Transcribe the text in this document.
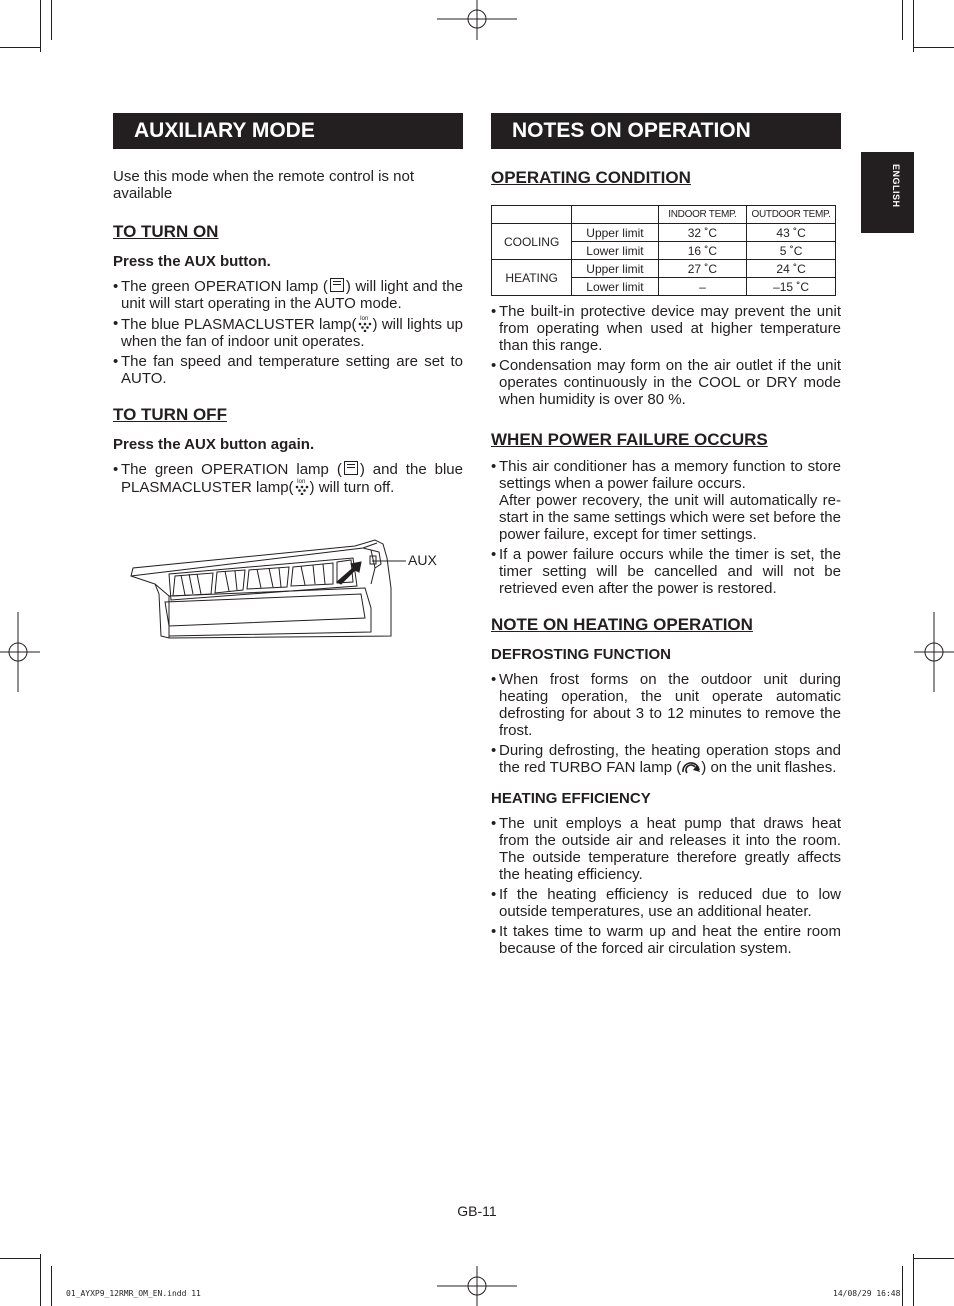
ENGLISH
AUXILIARY MODE	NOTES ON OPERATION

Use this mode when the remote control is not available

TO TURN ON

Press the AUX button.

• The green OPERATION lamp ( ) will light and the unit will start operating in the AUTO mode.
• The blue PLASMACLUSTER lamp( Ion ) will lights up when the fan of indoor unit operates.
• The fan speed and temperature setting are set to AUTO.

TO TURN OFF

Press the AUX button again.

• The green OPERATION lamp ( ) and the blue PLASMACLUSTER lamp( Ion ) will turn off.
AUX

OPERATING CONDITION

		INDOOR TEMP.	OUTDOOR TEMP.
COOLING	Upper limit	32 ˚C	43 ˚C
	Lower limit	16 ˚C	5 ˚C
HEATING	Upper limit	27 ˚C	24 ˚C
	Lower limit	–	–15 ˚C
• The built-in protective device may prevent the unit from operating when used at higher temperature than this range.
• Condensation may form on the air outlet if the unit operates continuously in the COOL or DRY mode when humidity is over 80 %.

WHEN POWER FAILURE OCCURS

• This air conditioner has a memory function to store settings when a power failure occurs.
After power recovery, the unit will automatically re-start in the same settings which were set before the power failure, except for timer settings.
• If a power failure occurs while the timer is set, the timer setting will be cancelled and will not be retrieved even after the power is restored.

NOTE ON HEATING OPERATION

DEFROSTING FUNCTION

• When frost forms on the outdoor unit during heating operation, the unit operate automatic defrosting for about 3 to 12 minutes to remove the frost.
• During defrosting, the heating operation stops and the red TURBO FAN lamp ( ) on the unit flashes.

HEATING EFFICIENCY

• The unit employs a heat pump that draws heat from the outside air and releases it into the room. The outside temperature therefore greatly affects the heating efficiency.
• If the heating efficiency is reduced due to low outside temperatures, use an additional heater.
• It takes time to warm up and heat the entire room because of the forced air circulation system.
GB-11
01_AYXP9_12RMR_OM_EN.indd 11	14/08/29 16:48
